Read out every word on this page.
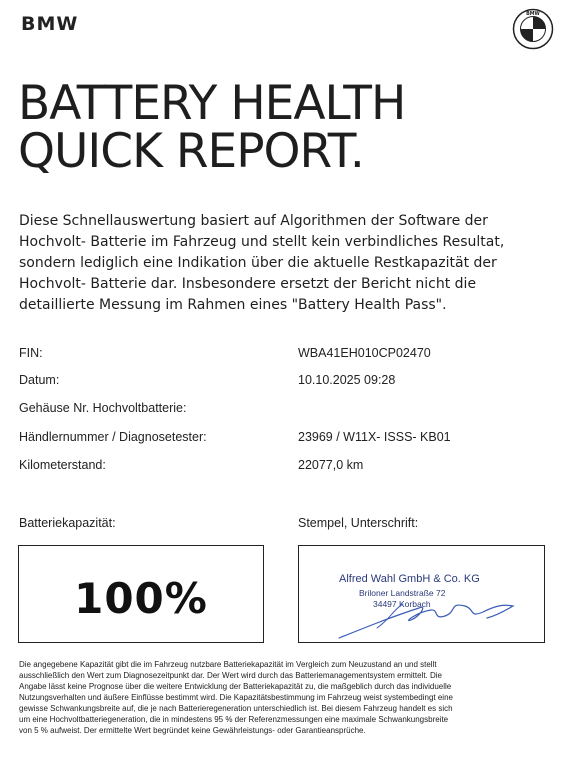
BMW	BMW
BATTERY HEALTH
QUICK REPORT.
Diese Schnellauswertung basiert auf Algorithmen der Software der
Hochvolt- Batterie im Fahrzeug und stellt kein verbindliches Resultat,
sondern lediglich eine Indikation über die aktuelle Restkapazität der
Hochvolt- Batterie dar. Insbesondere ersetzt der Bericht nicht die
detaillierte Messung im Rahmen eines "Battery Health Pass".
FIN:	WBA41EH010CP02470
Datum:	10.10.2025 09:28
Gehäuse Nr. Hochvoltbatterie:
Händlernummer / Diagnosetester:	23969 / W11X- ISSS- KB01
Kilometerstand:	22077,0 km
Batteriekapazität:	Stempel, Unterschrift:
100%	Alfred Wahl GmbH & Co. KG
Briloner Landstraße 72
34497 Korbach
Die angegebene Kapazität gibt die im Fahrzeug nutzbare Batteriekapazität im Vergleich zum Neuzustand an und stellt
ausschließlich den Wert zum Diagnosezeitpunkt dar. Der Wert wird durch das Batteriemanagementsystem ermittelt. Die
Angabe lässt keine Prognose über die weitere Entwicklung der Batteriekapazität zu, die maßgeblich durch das individuelle
Nutzungsverhalten und äußere Einflüsse bestimmt wird. Die Kapazitätsbestimmung im Fahrzeug weist systembedingt eine
gewisse Schwankungsbreite auf, die je nach Batterieregeneration unterschiedlich ist. Bei diesem Fahrzeug handelt es sich
um eine Hochvoltbatteriegeneration, die in mindestens 95 % der Referenzmessungen eine maximale Schwankungsbreite
von 5 % aufweist. Der ermittelte Wert begründet keine Gewährleistungs- oder Garantieansprüche.
